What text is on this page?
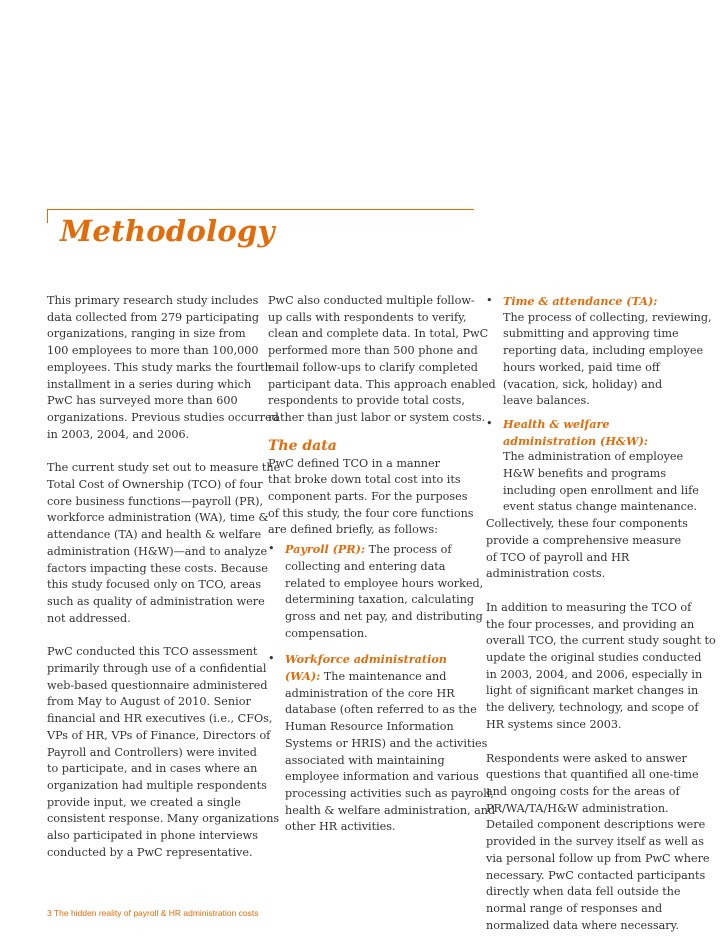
Methodology

This primary research study includes
data collected from 279 participating
organizations, ranging in size from
100 employees to more than 100,000
employees. This study marks the fourth
installment in a series during which
PwC has surveyed more than 600
organizations. Previous studies occurred
in 2003, 2004, and 2006.

The current study set out to measure the
Total Cost of Ownership (TCO) of four
core business functions—payroll (PR),
workforce administration (WA), time &
attendance (TA) and health & welfare
administration (H&W)—and to analyze
factors impacting these costs. Because
this study focused only on TCO, areas
such as quality of administration were
not addressed.

PwC conducted this TCO assessment
primarily through use of a confidential
web-based questionnaire administered
from May to August of 2010. Senior
financial and HR executives (i.e., CFOs,
VPs of HR, VPs of Finance, Directors of
Payroll and Controllers) were invited
to participate, and in cases where an
organization had multiple respondents
provide input, we created a single
consistent response. Many organizations
also participated in phone interviews
conducted by a PwC representative.

PwC also conducted multiple follow-
up calls with respondents to verify,
clean and complete data. In total, PwC
performed more than 500 phone and
email follow-ups to clarify completed
participant data. This approach enabled
respondents to provide total costs,
rather than just labor or system costs.

The data

PwC defined TCO in a manner
that broke down total cost into its
component parts. For the purposes
of this study, the four core functions
are defined briefly, as follows:

• Payroll (PR): The process of
collecting and entering data
related to employee hours worked,
determining taxation, calculating
gross and net pay, and distributing
compensation.
• Workforce administration
(WA): The maintenance and
administration of the core HR
database (often referred to as the
Human Resource Information
Systems or HRIS) and the activities
associated with maintaining
employee information and various
processing activities such as payroll,
health & welfare administration, and
other HR activities.
• Time & attendance (TA):
The process of collecting, reviewing,
submitting and approving time
reporting data, including employee
hours worked, paid time off
(vacation, sick, holiday) and
leave balances.
• Health & welfare
administration (H&W):
The administration of employee
H&W benefits and programs
including open enrollment and life
event status change maintenance.

Collectively, these four components
provide a comprehensive measure
of TCO of payroll and HR
administration costs.

In addition to measuring the TCO of
the four processes, and providing an
overall TCO, the current study sought to
update the original studies conducted
in 2003, 2004, and 2006, especially in
light of significant market changes in
the delivery, technology, and scope of
HR systems since 2003.

Respondents were asked to answer
questions that quantified all one-time
and ongoing costs for the areas of
PR/WA/TA/H&W administration.
Detailed component descriptions were
provided in the survey itself as well as
via personal follow up from PwC where
necessary. PwC contacted participants
directly when data fell outside the
normal range of responses and
normalized data where necessary.

3 The hidden reality of payroll & HR administration costs
